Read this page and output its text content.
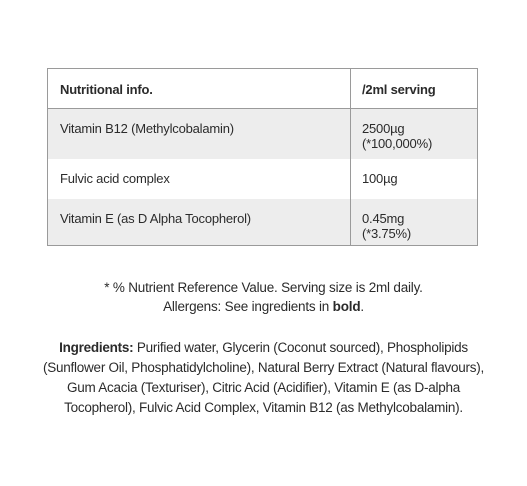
Nutritional info.	/2ml serving
Vitamin B12 (Methylcobalamin)	2500µg
(*100,000%)
Fulvic acid complex	100µg
Vitamin E (as D Alpha Tocopherol)	0.45mg
(*3.75%)
* % Nutrient Reference Value. Serving size is 2ml daily.
Allergens: See ingredients in bold.
Ingredients: Purified water, Glycerin (Coconut sourced), Phospholipids (Sunflower Oil, Phosphatidylcholine), Natural Berry Extract (Natural flavours), Gum Acacia (Texturiser), Citric Acid (Acidifier), Vitamin E (as D-alpha Tocopherol), Fulvic Acid Complex, Vitamin B12 (as Methylcobalamin).
